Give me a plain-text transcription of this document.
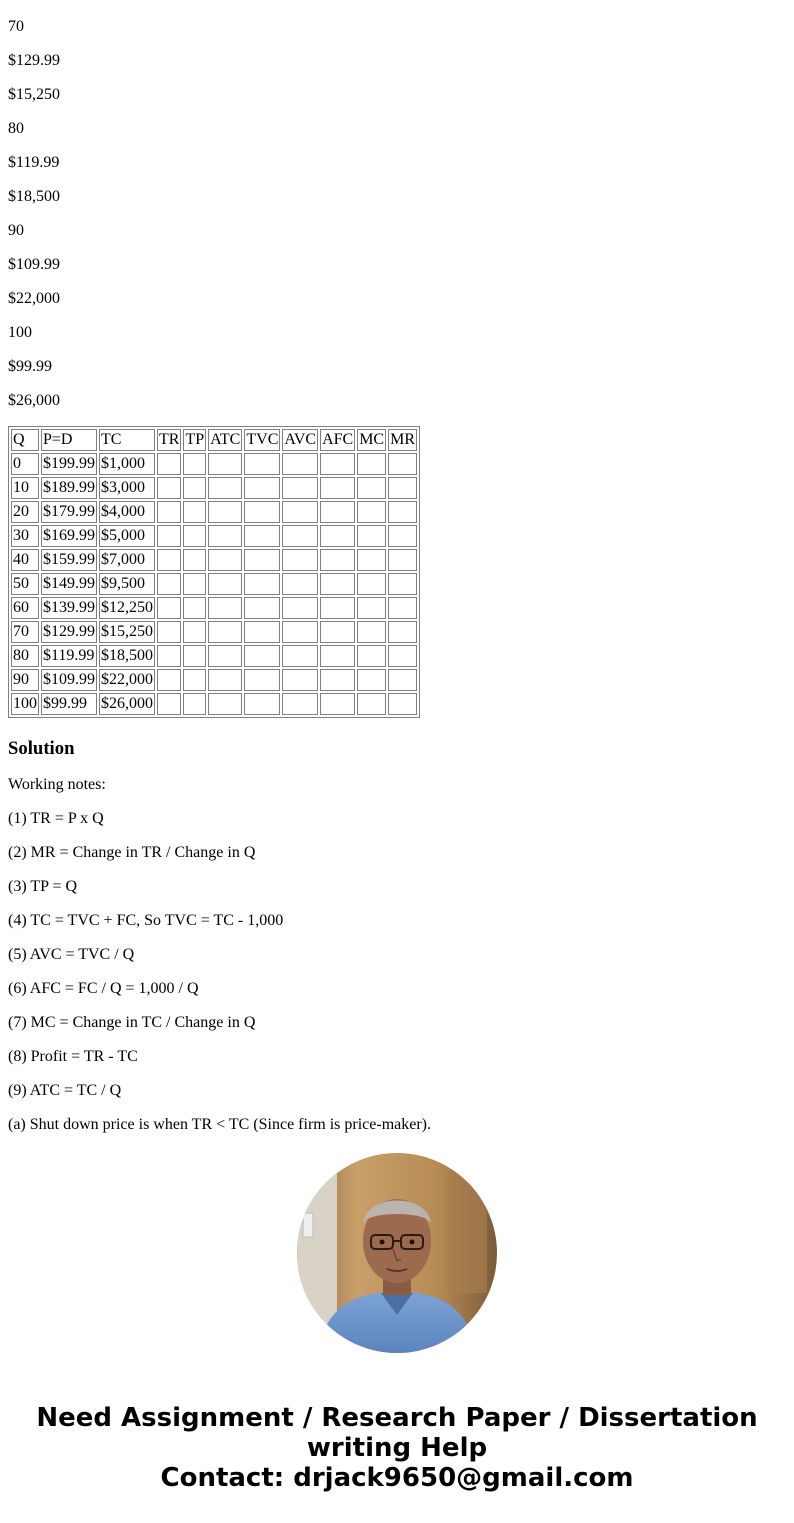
70

$129.99

$15,250

80

$119.99

$18,500

90

$109.99

$22,000

100

$99.99

$26,000

Q	P=D	TC	TR	TP	ATC	TVC	AVC	AFC	MC	MR
0	$199.99	$1,000								
10	$189.99	$3,000								
20	$179.99	$4,000								
30	$169.99	$5,000								
40	$159.99	$7,000								
50	$149.99	$9,500								
60	$139.99	$12,250								
70	$129.99	$15,250								
80	$119.99	$18,500								
90	$109.99	$22,000								
100	$99.99	$26,000								
Solution

Working notes:

(1) TR = P x Q

(2) MR = Change in TR / Change in Q

(3) TP = Q

(4) TC = TVC + FC, So TVC = TC - 1,000

(5) AVC = TVC / Q

(6) AFC = FC / Q = 1,000 / Q

(7) MC = Change in TC / Change in Q

(8) Profit = TR - TC

(9) ATC = TC / Q

(a) Shut down price is when TR < TC (Since firm is price-maker).

Need Assignment / Research Paper / Dissertation
writing Help
Contact: drjack9650@gmail.com
